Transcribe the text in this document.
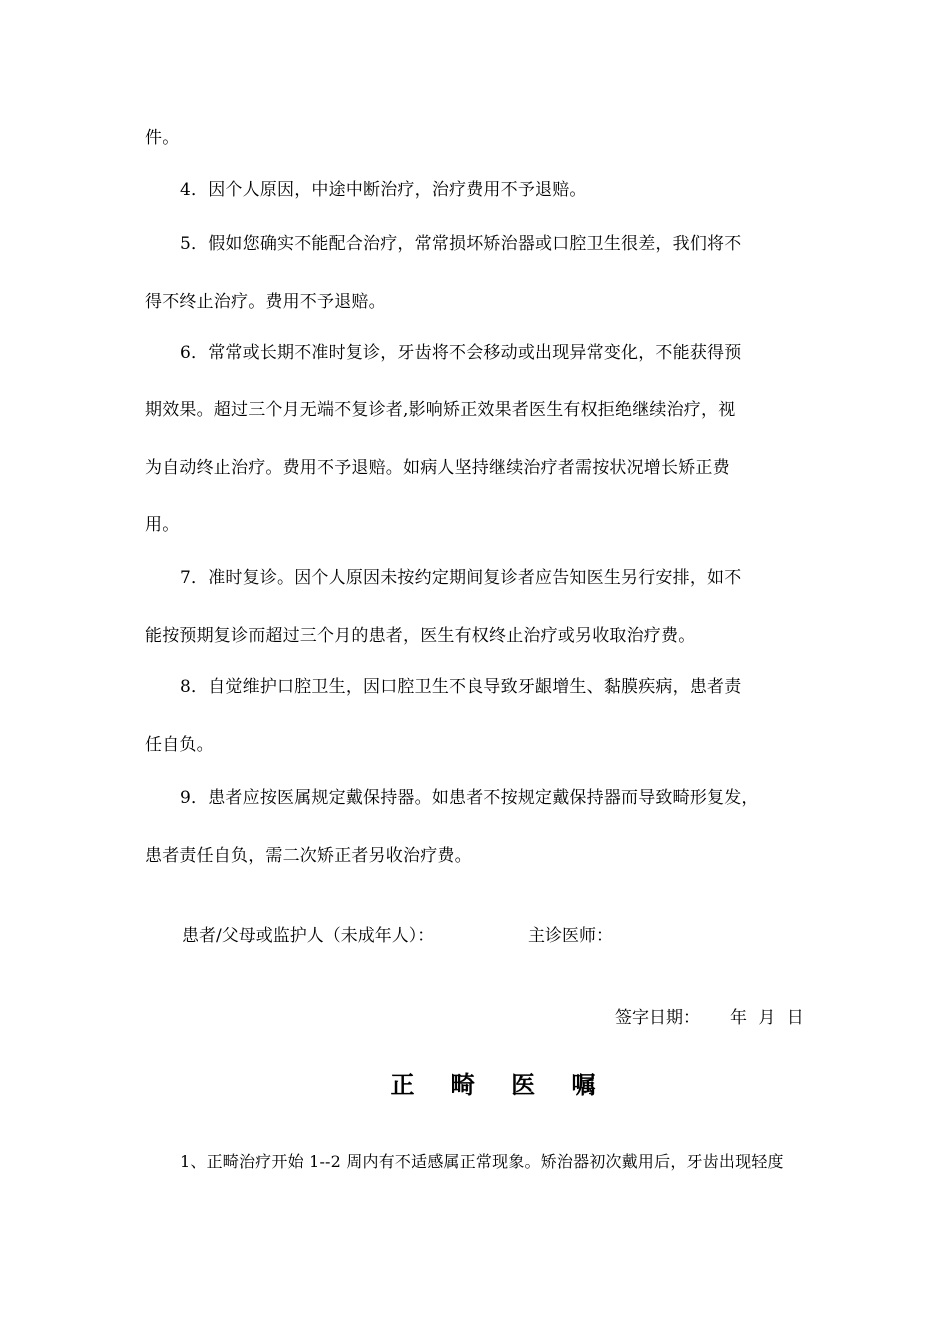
件。
4．因个人原因，中途中断治疗，治疗费用不予退赔。
5．假如您确实不能配合治疗，常常损坏矫治器或口腔卫生很差，我们将不
得不终止治疗。费用不予退赔。
6．常常或长期不准时复诊，牙齿将不会移动或出现异常变化，不能获得预
期效果。超过三个月无端不复诊者,影响矫正效果者医生有权拒绝继续治疗，视
为自动终止治疗。费用不予退赔。如病人坚持继续治疗者需按状况增长矫正费
用。
7．准时复诊。因个人原因未按约定期间复诊者应告知医生另行安排，如不
能按预期复诊而超过三个月的患者，医生有权终止治疗或另收取治疗费。
8．自觉维护口腔卫生，因口腔卫生不良导致牙龈增生、黏膜疾病，患者责
任自负。
9．患者应按医属规定戴保持器。如患者不按规定戴保持器而导致畸形复发，
患者责任自负，需二次矫正者另收治疗费。
患者/父母或监护人（未成年人）：	主诊医师：
签字日期： 年 月 日
正 畸 医 嘱
1、正畸治疗开始 1--2 周内有不适感属正常现象。矫治器初次戴用后，牙齿出现轻度
